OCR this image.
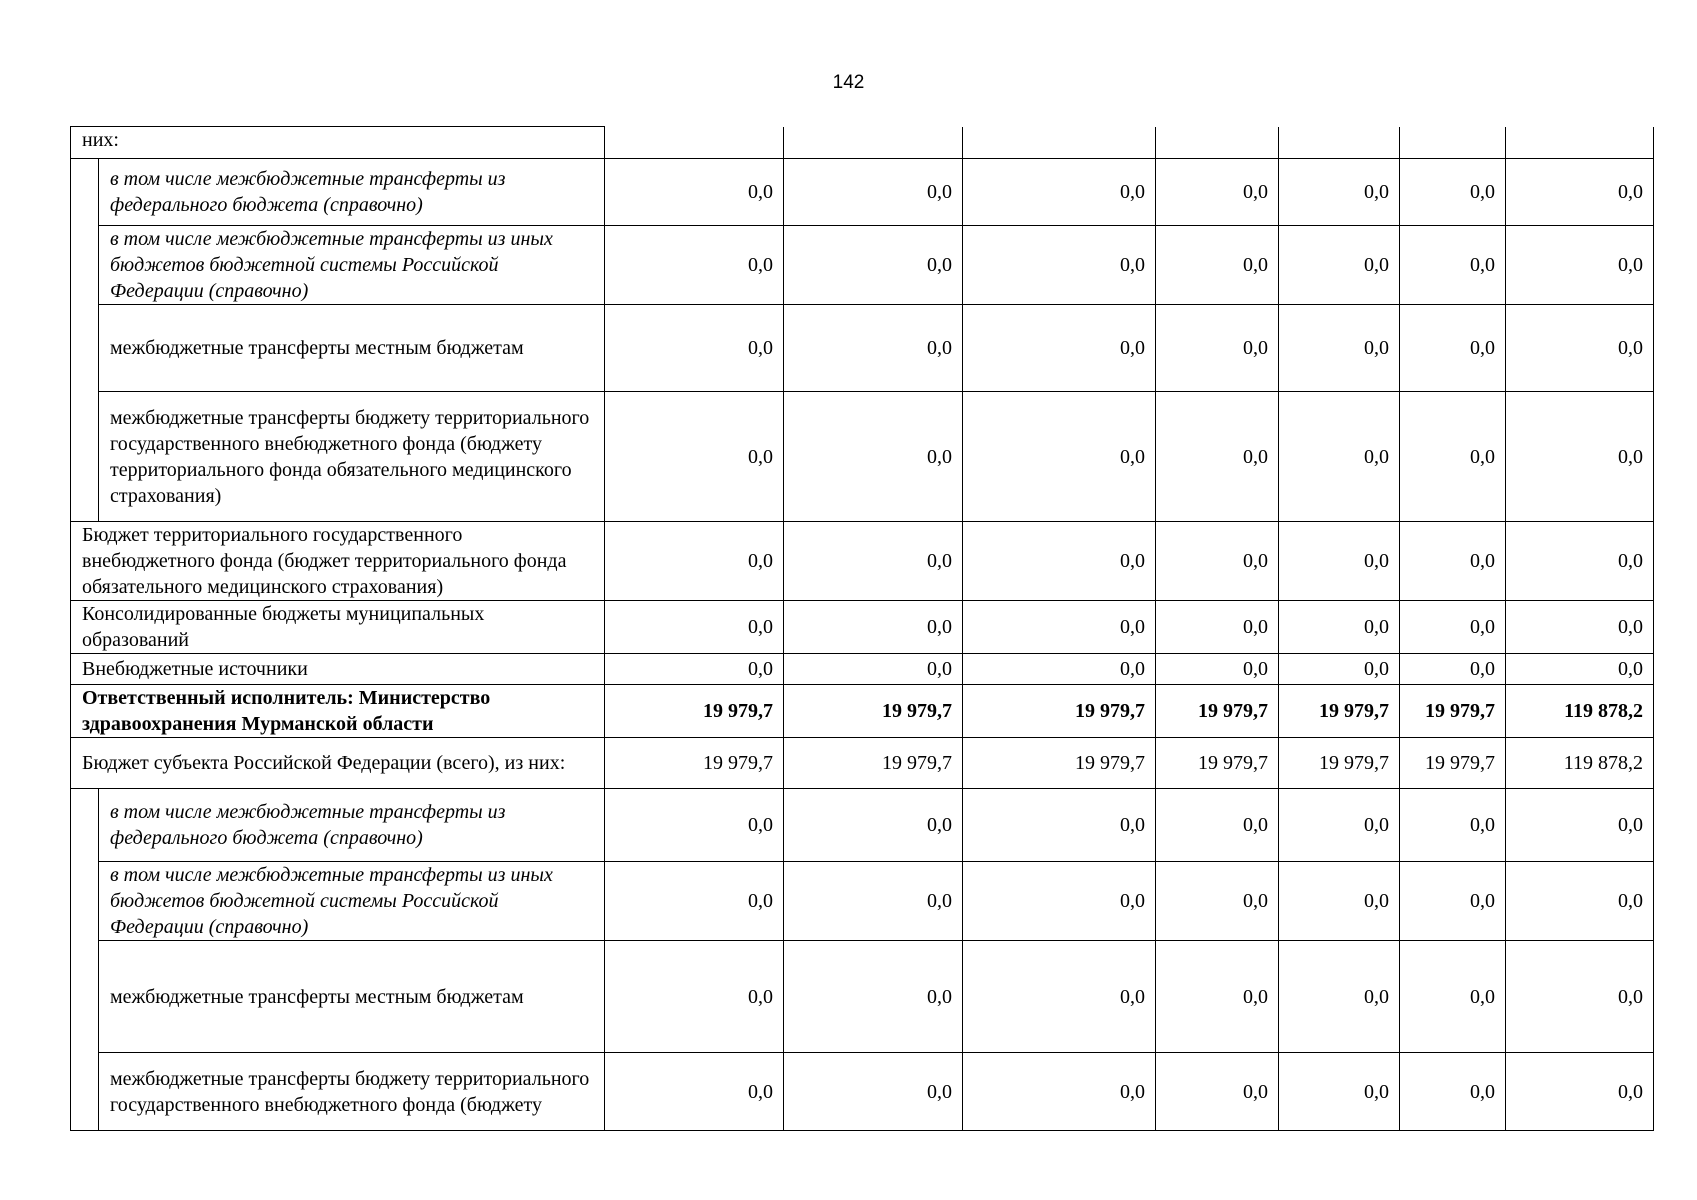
142
них:								
	в том числе межбюджетные трансферты из федерального бюджета (справочно)	0,0	0,0	0,0	0,0	0,0	0,0	0,0
	в том числе межбюджетные трансферты из иных бюджетов бюджетной системы Российской Федерации (справочно)	0,0	0,0	0,0	0,0	0,0	0,0	0,0
	межбюджетные трансферты местным бюджетам	0,0	0,0	0,0	0,0	0,0	0,0	0,0
	межбюджетные трансферты бюджету территориального государственного внебюджетного фонда (бюджету территориального фонда обязательного медицинского страхования)	0,0	0,0	0,0	0,0	0,0	0,0	0,0
Бюджет территориального государственного внебюджетного фонда (бюджет территориального фонда обязательного медицинского страхования)		0,0	0,0	0,0	0,0	0,0	0,0	0,0
Консолидированные бюджеты муниципальных образований		0,0	0,0	0,0	0,0	0,0	0,0	0,0
Внебюджетные источники		0,0	0,0	0,0	0,0	0,0	0,0	0,0
Ответственный исполнитель: Министерство здравоохранения Мурманской области		19 979,7	19 979,7	19 979,7	19 979,7	19 979,7	19 979,7	119 878,2
Бюджет субъекта Российской Федерации (всего), из них:		19 979,7	19 979,7	19 979,7	19 979,7	19 979,7	19 979,7	119 878,2
	в том числе межбюджетные трансферты из федерального бюджета (справочно)	0,0	0,0	0,0	0,0	0,0	0,0	0,0
	в том числе межбюджетные трансферты из иных бюджетов бюджетной системы Российской Федерации (справочно)	0,0	0,0	0,0	0,0	0,0	0,0	0,0
	межбюджетные трансферты местным бюджетам	0,0	0,0	0,0	0,0	0,0	0,0	0,0
	межбюджетные трансферты бюджету территориального государственного внебюджетного фонда (бюджету	0,0	0,0	0,0	0,0	0,0	0,0	0,0
